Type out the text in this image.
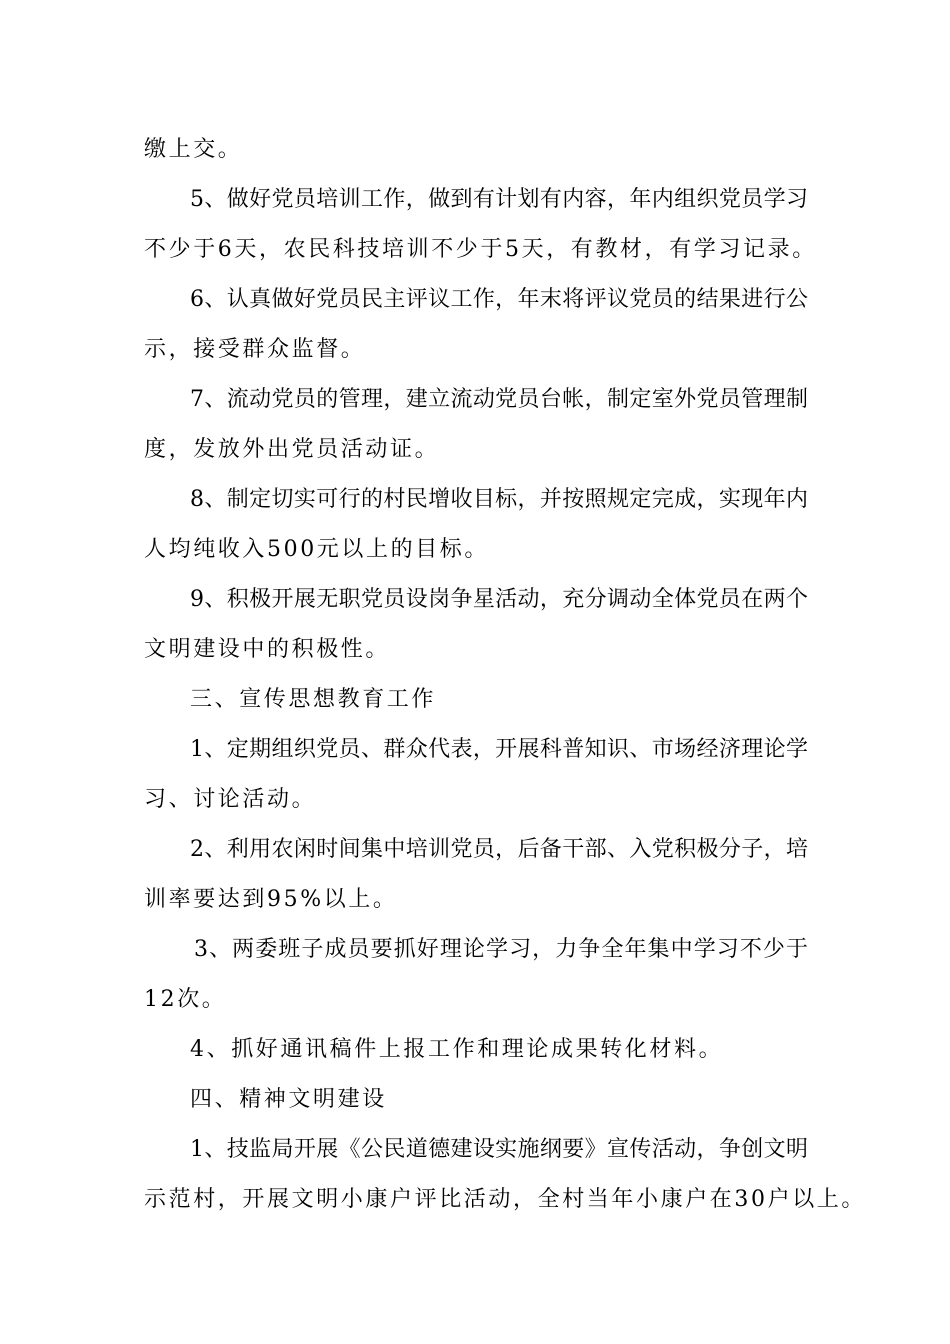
缴上交。
5、做好党员培训工作，做到有计划有内容，年内组织党员学习
不少于6天，农民科技培训不少于5天，有教材，有学习记录。
6、认真做好党员民主评议工作，年末将评议党员的结果进行公
示，接受群众监督。
7、流动党员的管理，建立流动党员台帐，制定室外党员管理制
度，发放外出党员活动证。
8、制定切实可行的村民增收目标，并按照规定完成，实现年内
人均纯收入500元以上的目标。
9、积极开展无职党员设岗争星活动，充分调动全体党员在两个
文明建设中的积极性。
三、宣传思想教育工作
1、定期组织党员、群众代表，开展科普知识、市场经济理论学
习、讨论活动。
2、利用农闲时间集中培训党员，后备干部、入党积极分子，培
训率要达到95%以上。
3、两委班子成员要抓好理论学习，力争全年集中学习不少于
12次。
4、抓好通讯稿件上报工作和理论成果转化材料。
四、精神文明建设
1、技监局开展《公民道德建设实施纲要》宣传活动，争创文明
示范村，开展文明小康户评比活动，全村当年小康户在30户以上。
